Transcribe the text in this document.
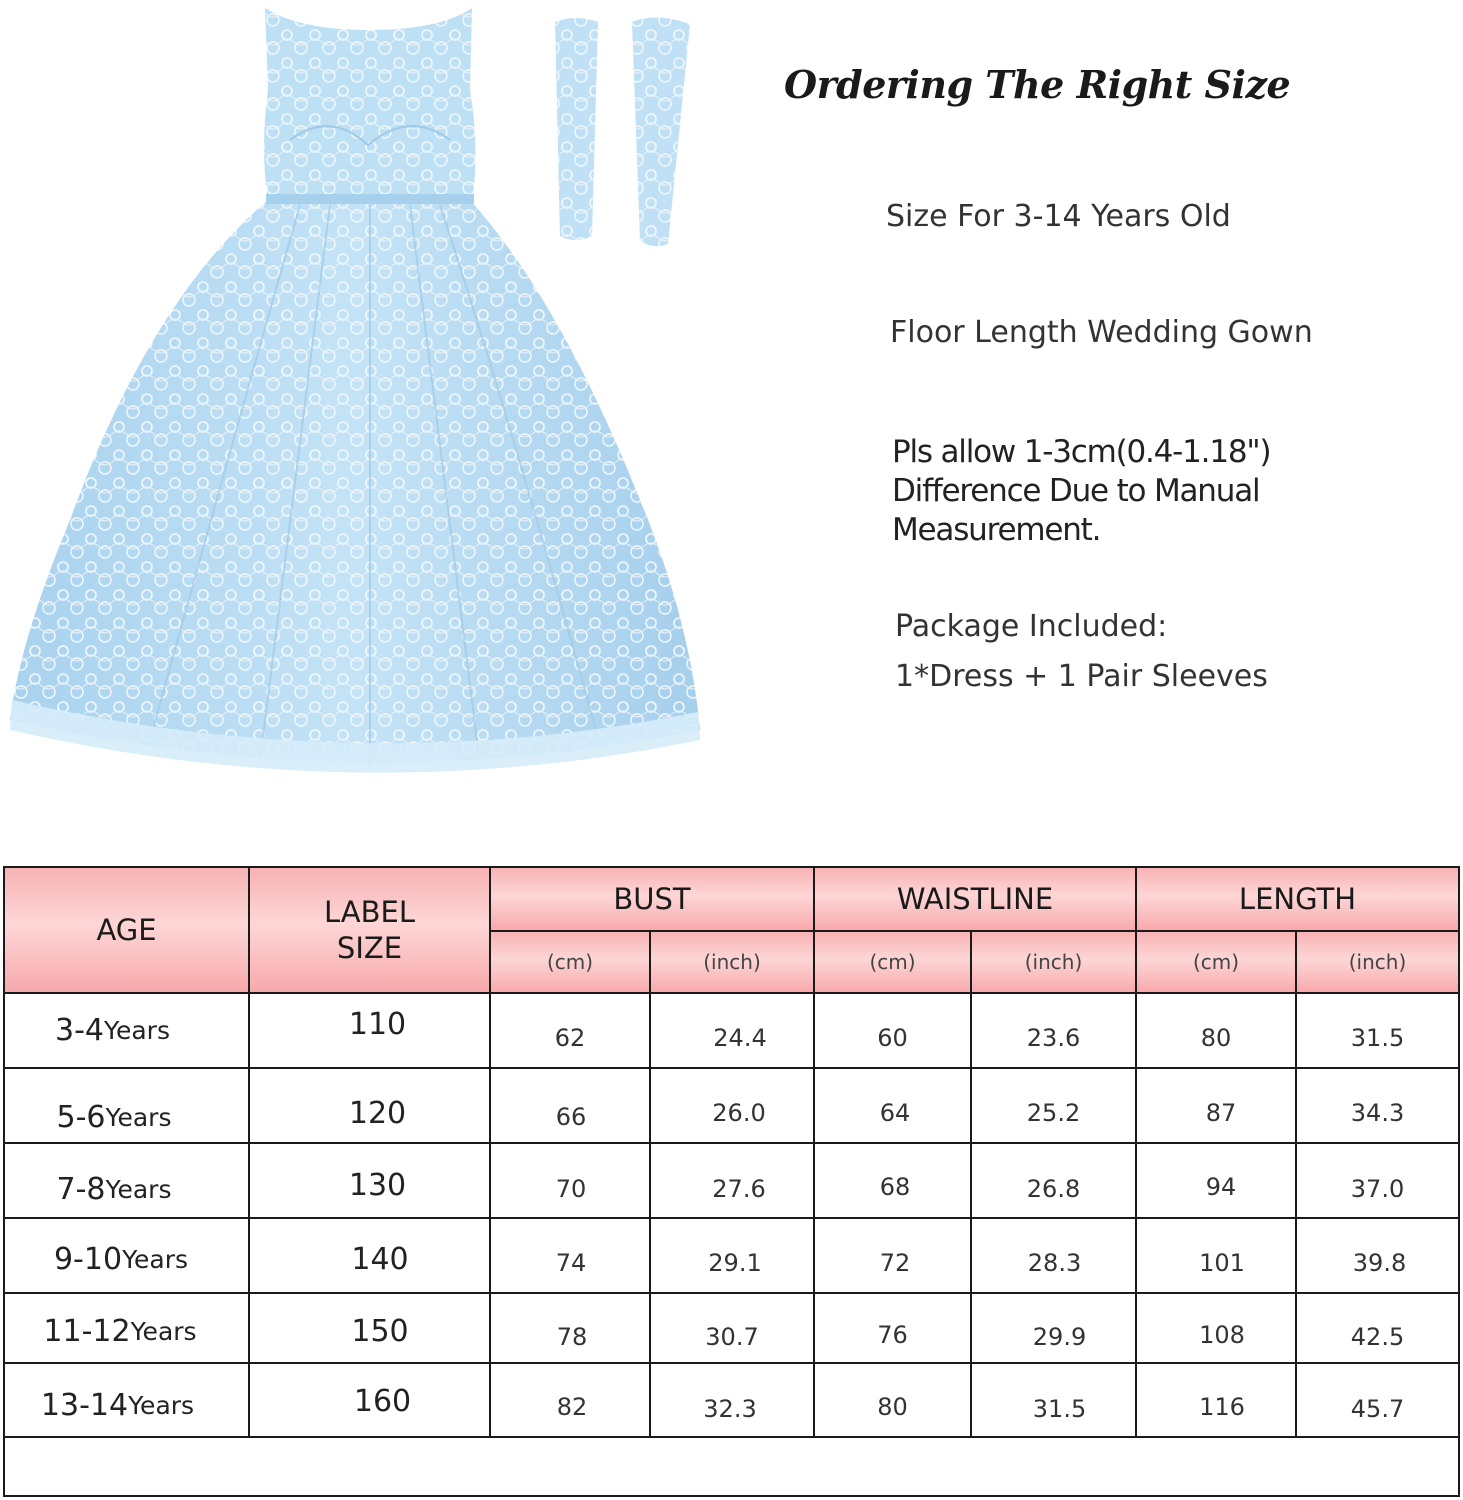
Ordering The Right Size
Size For 3-14 Years Old
Floor Length Wedding Gown
Pls allow 1-3cm(0.4-1.18")
Difference Due to Manual
Measurement.
Package Included:
1*Dress + 1 Pair Sleeves
AGE
LABEL
SIZE
BUST	WAISTLINE	LENGTH
(cm)	(inch)	(cm)	(inch)	(cm)	(inch)
3-4 Years	110	62	24.4	60	23.6	80	31.5
5-6 Years	120	66	26.0	64	25.2	87	34.3
7-8 Years	130	70	27.6	68	26.8	94	37.0
9-10 Years	140	74	29.1	72	28.3	101	39.8
11-12 Years	150	78	30.7	76	29.9	108	42.5
13-14 Years	160	82	32.3	80	31.5	116	45.7
